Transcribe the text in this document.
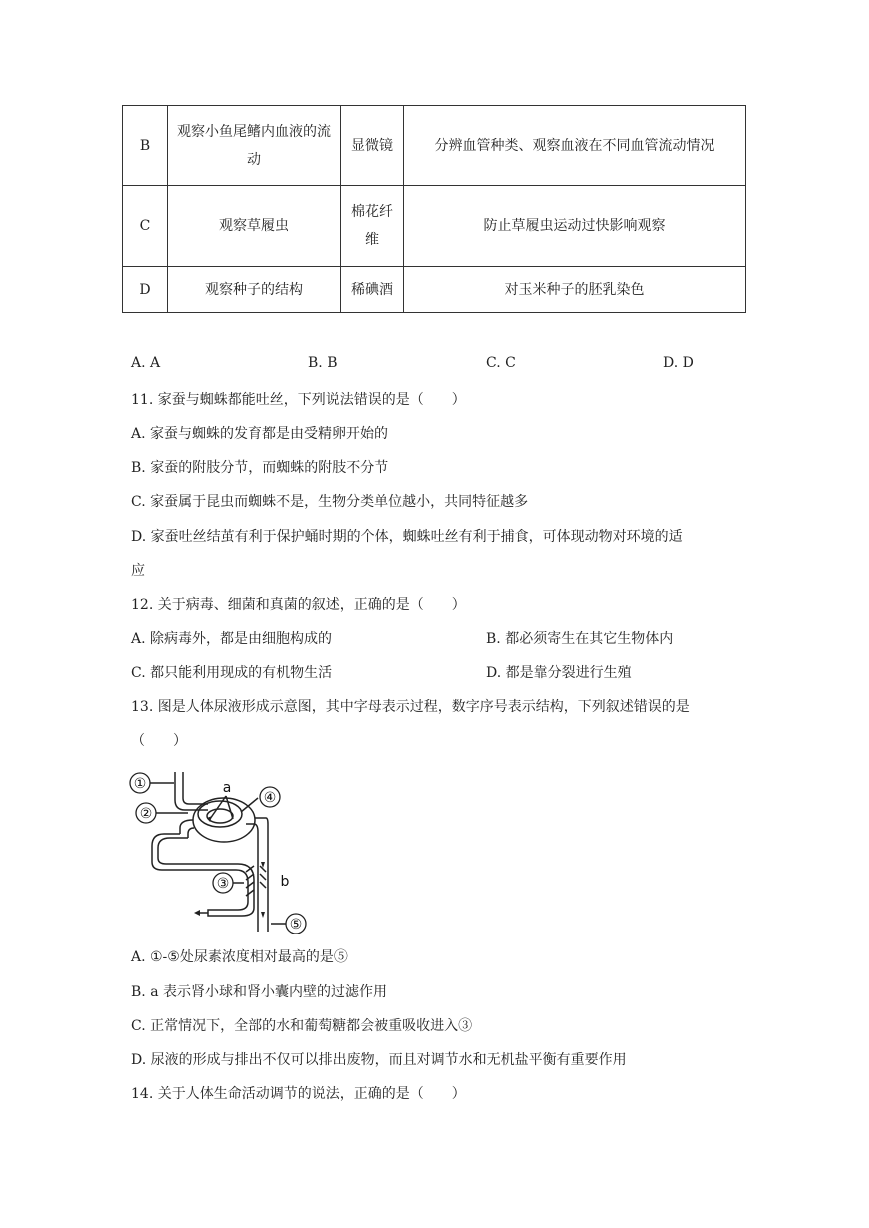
B	观察小鱼尾鳍内血液的流动	显微镜	分辨血管种类、观察血液在不同血管流动情况
C	观察草履虫	棉花纤维	防止草履虫运动过快影响观察
D	观察种子的结构	稀碘酒	对玉米种子的胚乳染色
A. A	B. B	C. C	D. D
11. 家蚕与蜘蛛都能吐丝，下列说法错误的是（　　）
A. 家蚕与蜘蛛的发育都是由受精卵开始的
B. 家蚕的附肢分节，而蜘蛛的附肢不分节
C. 家蚕属于昆虫而蜘蛛不是，生物分类单位越小，共同特征越多
D. 家蚕吐丝结茧有利于保护蛹时期的个体，蜘蛛吐丝有利于捕食，可体现动物对环境的适
应
12. 关于病毒、细菌和真菌的叙述，正确的是（　　）
A. 除病毒外，都是由细胞构成的	B. 都必须寄生在其它生物体内
C. 都只能利用现成的有机物生活	D. 都是靠分裂进行生殖
13. 图是人体尿液形成示意图，其中字母表示过程，数字序号表示结构，下列叙述错误的是
（　　）
①
②
④
③
⑤
a
b
A. ①-⑤处尿素浓度相对最高的是⑤
B. a 表示肾小球和肾小囊内壁的过滤作用
C. 正常情况下，全部的水和葡萄糖都会被重吸收进入③
D. 尿液的形成与排出不仅可以排出废物，而且对调节水和无机盐平衡有重要作用
14. 关于人体生命活动调节的说法，正确的是（　　）
